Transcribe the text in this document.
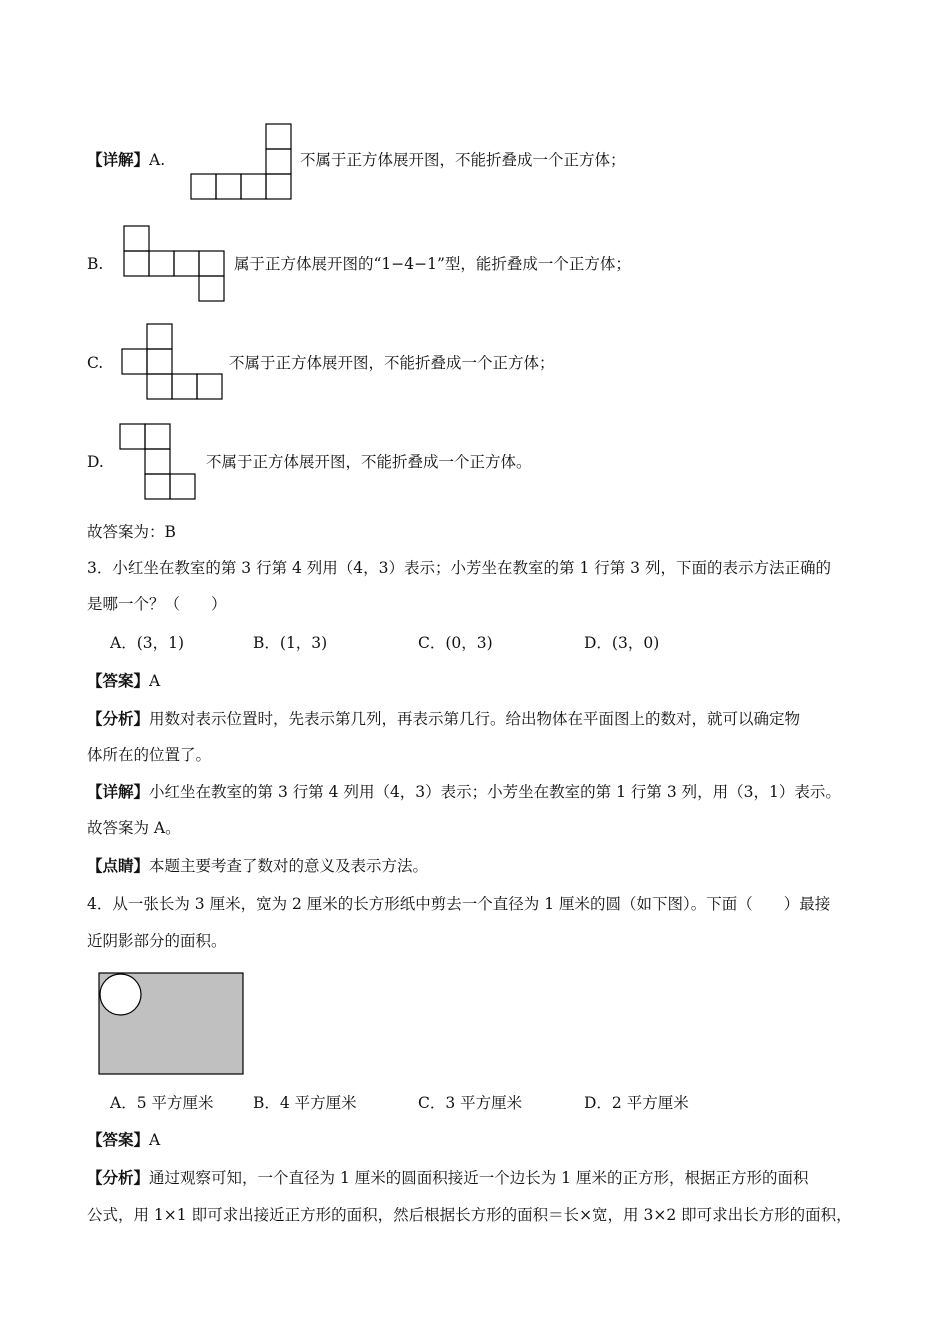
【详解】A.	不属于正方体展开图，不能折叠成一个正方体；
B.	属于正方体展开图的“1−4−1”型，能折叠成一个正方体；
C.	不属于正方体展开图，不能折叠成一个正方体；
D.	不属于正方体展开图，不能折叠成一个正方体。
故答案为：B
3．小红坐在教室的第 3 行第 4 列用（4，3）表示；小芳坐在教室的第 1 行第 3 列，下面的表示方法正确的
是哪一个？（　　）
A．(3，1)	B．(1，3)	C．(0，3)	D．(3，0)
【答案】A
【分析】用数对表示位置时，先表示第几列，再表示第几行。给出物体在平面图上的数对，就可以确定物
体所在的位置了。
【详解】小红坐在教室的第 3 行第 4 列用（4，3）表示；小芳坐在教室的第 1 行第 3 列，用（3，1）表示。
故答案为 A。
【点睛】本题主要考查了数对的意义及表示方法。
4．从一张长为 3 厘米，宽为 2 厘米的长方形纸中剪去一个直径为 1 厘米的圆（如下图）。下面（　　）最接
近阴影部分的面积。
A．5 平方厘米	B．4 平方厘米	C．3 平方厘米	D．2 平方厘米
【答案】A
【分析】通过观察可知，一个直径为 1 厘米的圆面积接近一个边长为 1 厘米的正方形，根据正方形的面积
公式，用 1×1 即可求出接近正方形的面积，然后根据长方形的面积＝长×宽，用 3×2 即可求出长方形的面积，
